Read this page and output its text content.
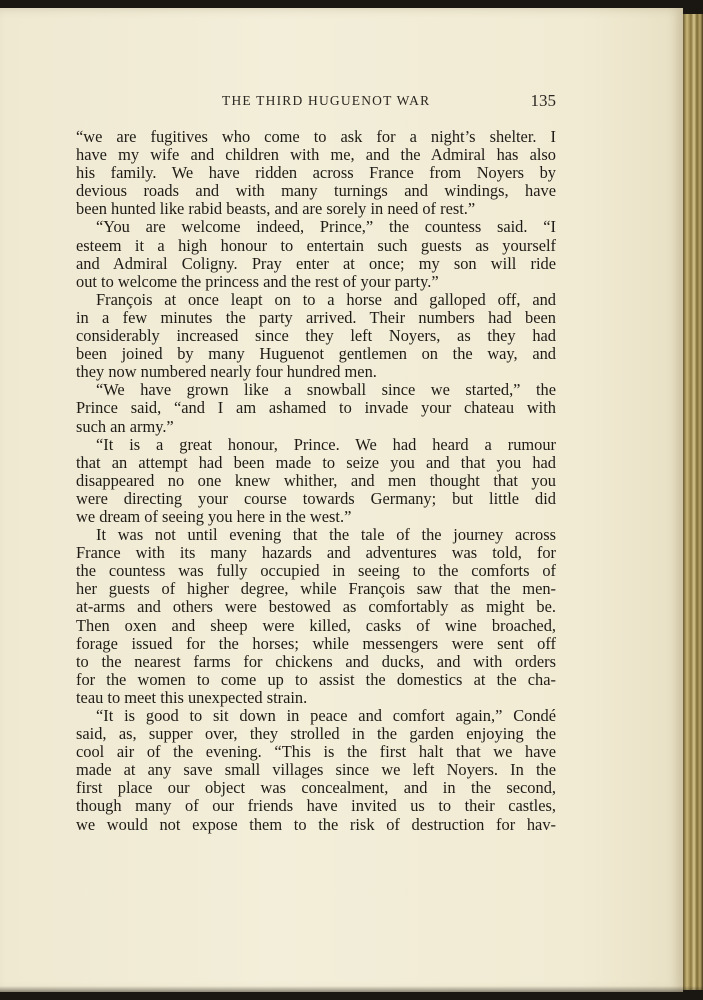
THE THIRD HUGUENOT WAR	135
“we are fugitives who come to ask for a night’s shelter. I
have my wife and children with me, and the Admiral has also
his family. We have ridden across France from Noyers by
devious roads and with many turnings and windings, have
been hunted like rabid beasts, and are sorely in need of rest.”
“You are welcome indeed, Prince,” the countess said. “I
esteem it a high honour to entertain such guests as yourself
and Admiral Coligny. Pray enter at once; my son will ride
out to welcome the princess and the rest of your party.”
François at once leapt on to a horse and galloped off, and
in a few minutes the party arrived. Their numbers had been
considerably increased since they left Noyers, as they had
been joined by many Huguenot gentlemen on the way, and
they now numbered nearly four hundred men.
“We have grown like a snowball since we started,” the
Prince said, “and I am ashamed to invade your chateau with
such an army.”
“It is a great honour, Prince. We had heard a rumour
that an attempt had been made to seize you and that you had
disappeared no one knew whither, and men thought that you
were directing your course towards Germany; but little did
we dream of seeing you here in the west.”
It was not until evening that the tale of the journey across
France with its many hazards and adventures was told, for
the countess was fully occupied in seeing to the comforts of
her guests of higher degree, while François saw that the men-
at-arms and others were bestowed as comfortably as might be.
Then oxen and sheep were killed, casks of wine broached,
forage issued for the horses; while messengers were sent off
to the nearest farms for chickens and ducks, and with orders
for the women to come up to assist the domestics at the cha-
teau to meet this unexpected strain.
“It is good to sit down in peace and comfort again,” Condé
said, as, supper over, they strolled in the garden enjoying the
cool air of the evening. “This is the first halt that we have
made at any save small villages since we left Noyers. In the
first place our object was concealment, and in the second,
though many of our friends have invited us to their castles,
we would not expose them to the risk of destruction for hav-
